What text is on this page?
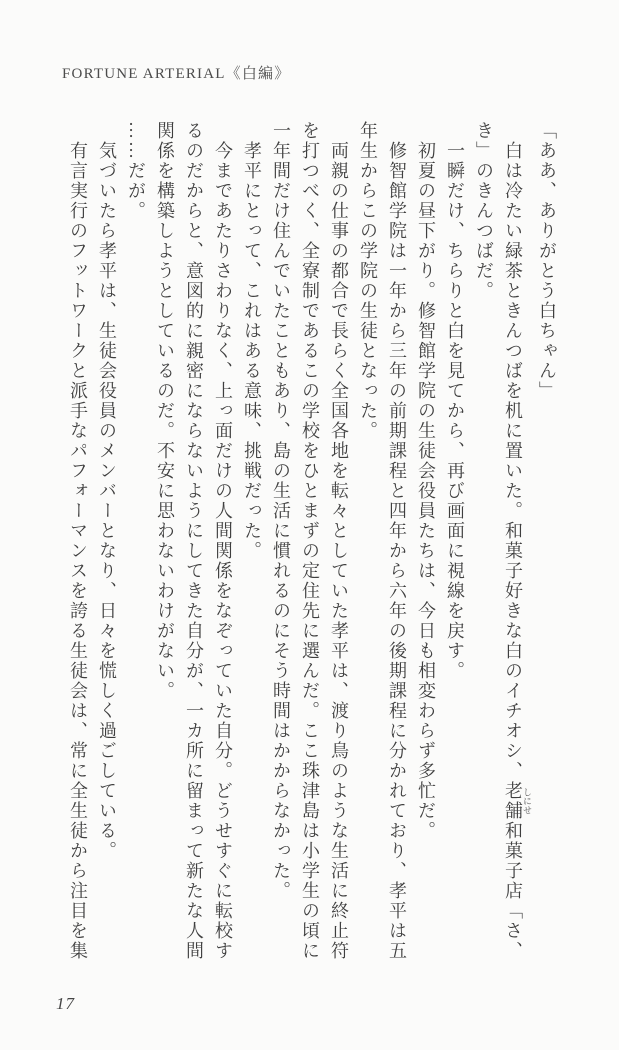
FORTUNE ARTERIAL《白編》

「ああ、ありがとう白ちゃん」

白は冷たい緑茶ときんつばを机に置いた。和菓子好きな白のイチオシ、老舗 しにせ和菓子店「さ、き」のきんつばだ。

一瞬だけ、ちらりと白を見てから、再び画面に視線を戻す。

初夏の昼下がり。修智館学院の生徒会役員たちは、今日も相変わらず多忙だ。

修智館学院は一年から三年の前期課程と四年から六年の後期課程に分かれており、孝平は五年生からこの学院の生徒となった。

両親の仕事の都合で長らく全国各地を転々としていた孝平は、渡り鳥のような生活に終止符を打つべく、全寮制であるこの学校をひとまずの定住先に選んだ。ここ珠津島は小学生の頃に一年間だけ住んでいたこともあり、島の生活に慣れるのにそう時間はかからなかった。

孝平にとって、これはある意味、挑戦だった。

今まであたりさわりなく、上っ面だけの人間関係をなぞっていた自分。どうせすぐに転校するのだからと、意図的に親密にならないようにしてきた自分が、一カ所に留まって新たな人間関係を構築しようとしているのだ。不安に思わないわけがない。

……だが。

気づいたら孝平は、生徒会役員のメンバーとなり、日々を慌しく過ごしている。

有言実行のフットワークと派手なパフォーマンスを誇る生徒会は、常に全生徒から注目を集

17
